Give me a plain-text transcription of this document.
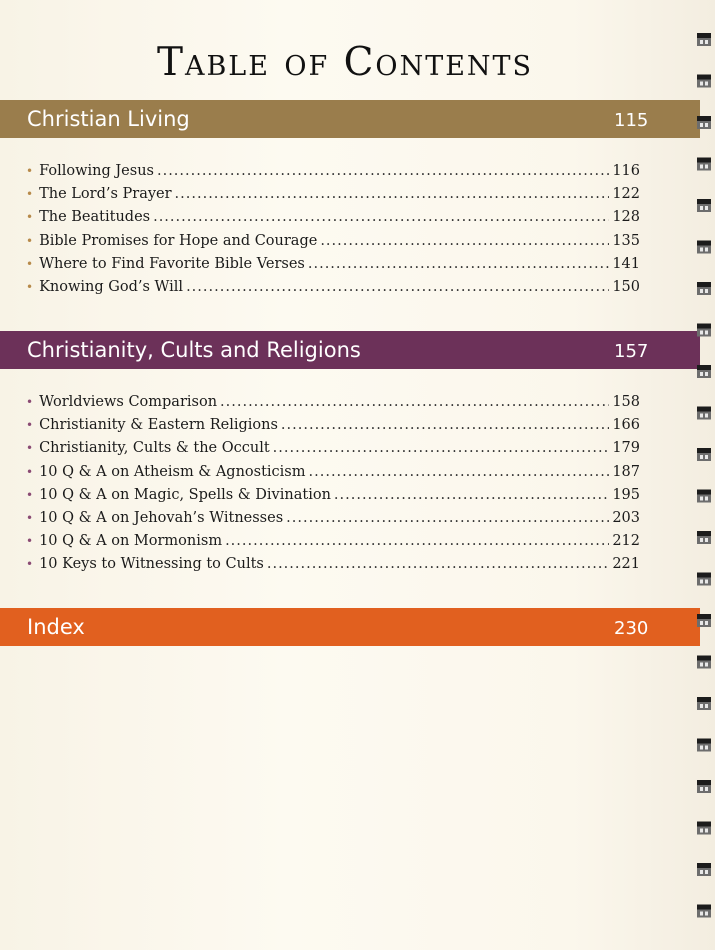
Table of Contents
Christian Living	115
• Following Jesus .....	116
• The Lord’s Prayer .....	122
• The Beatitudes .....	128
• Bible Promises for Hope and Courage .....	135
• Where to Find Favorite Bible Verses .....	141
• Knowing God’s Will .....	150
Christianity, Cults and Religions	157
• Worldviews Comparison .....	158
• Christianity & Eastern Religions .....	166
• Christianity, Cults & the Occult .....	179
• 10 Q & A on Atheism & Agnosticism .....	187
• 10 Q & A on Magic, Spells & Divination .....	195
• 10 Q & A on Jehovah’s Witnesses .....	203
• 10 Q & A on Mormonism .....	212
• 10 Keys to Witnessing to Cults .....	221
Index	230
